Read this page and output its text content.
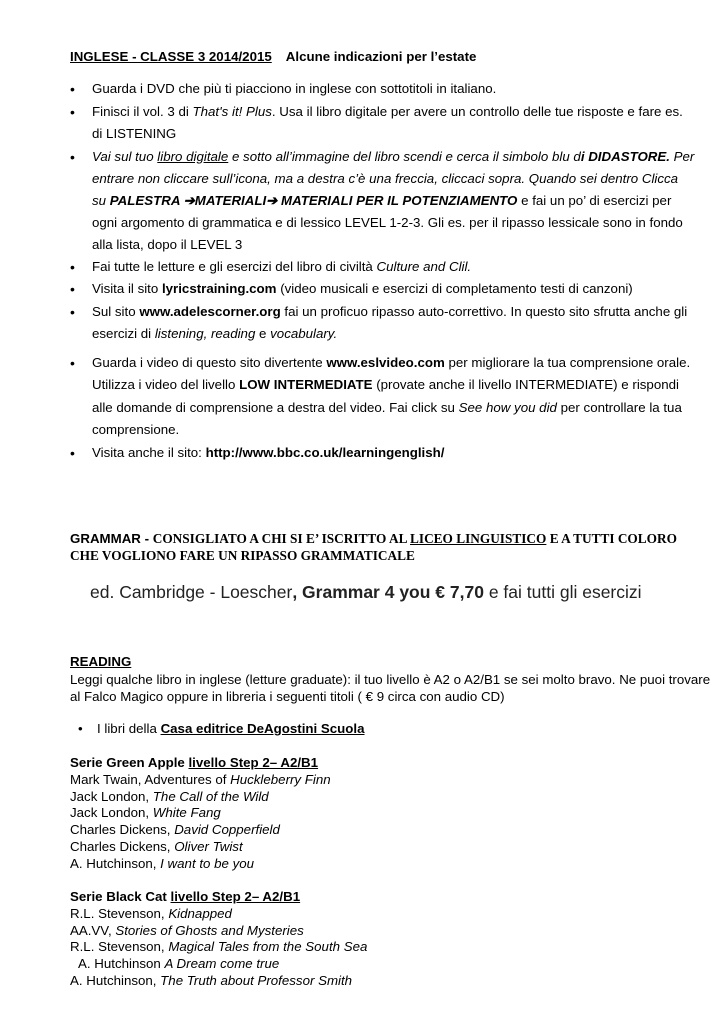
INGLESE - CLASSE 3 2014/2015 Alcune indicazioni per l’estate
• Guarda i DVD che più ti piacciono in inglese con sottotitoli in italiano.
• Finisci il vol. 3 di That's it! Plus. Usa il libro digitale per avere un controllo delle tue risposte e fare es. di LISTENING
• Vai sul tuo libro digitale e sotto all’immagine del libro scendi e cerca il simbolo blu di DIDASTORE. Per entrare non cliccare sull’icona, ma a destra c’è una freccia, cliccaci sopra. Quando sei dentro Clicca su PALESTRA ➔MATERIALI➔ MATERIALI PER IL POTENZIAMENTO e fai un po’ di esercizi per ogni argomento di grammatica e di lessico LEVEL 1-2-3. Gli es. per il ripasso lessicale sono in fondo alla lista, dopo il LEVEL 3
• Fai tutte le letture e gli esercizi del libro di civiltà Culture and Clil.
• Visita il sito lyricstraining.com (video musicali e esercizi di completamento testi di canzoni)
• Sul sito www.adelescorner.org fai un proficuo ripasso auto-correttivo. In questo sito sfrutta anche gli esercizi di listening, reading e vocabulary.
• Guarda i video di questo sito divertente www.eslvideo.com per migliorare la tua comprensione orale. Utilizza i video del livello LOW INTERMEDIATE (provate anche il livello INTERMEDIATE) e rispondi alle domande di comprensione a destra del video. Fai click su See how you did per controllare la tua comprensione.
• Visita anche il sito: http://www.bbc.co.uk/learningenglish/
GRAMMAR - CONSIGLIATO A CHI SI E’ ISCRITTO AL LICEO LINGUISTICO E A TUTTI COLORO CHE VOGLIONO FARE UN RIPASSO GRAMMATICALE
ed. Cambridge - Loescher, Grammar 4 you € 7,70 e fai tutti gli esercizi
READING
Leggi qualche libro in inglese (letture graduate): il tuo livello è A2 o A2/B1 se sei molto bravo. Ne puoi trovare al Falco Magico oppure in libreria i seguenti titoli ( € 9 circa con audio CD)
• I libri della Casa editrice DeAgostini Scuola
Serie Green Apple livello Step 2– A2/B1
Mark Twain, Adventures of Huckleberry Finn
Jack London, The Call of the Wild
Jack London, White Fang
Charles Dickens, David Copperfield
Charles Dickens, Oliver Twist
A. Hutchinson, I want to be you
Serie Black Cat livello Step 2– A2/B1
R.L. Stevenson, Kidnapped
AA.VV, Stories of Ghosts and Mysteries
R.L. Stevenson, Magical Tales from the South Sea
A. Hutchinson A Dream come true
A. Hutchinson, The Truth about Professor Smith
